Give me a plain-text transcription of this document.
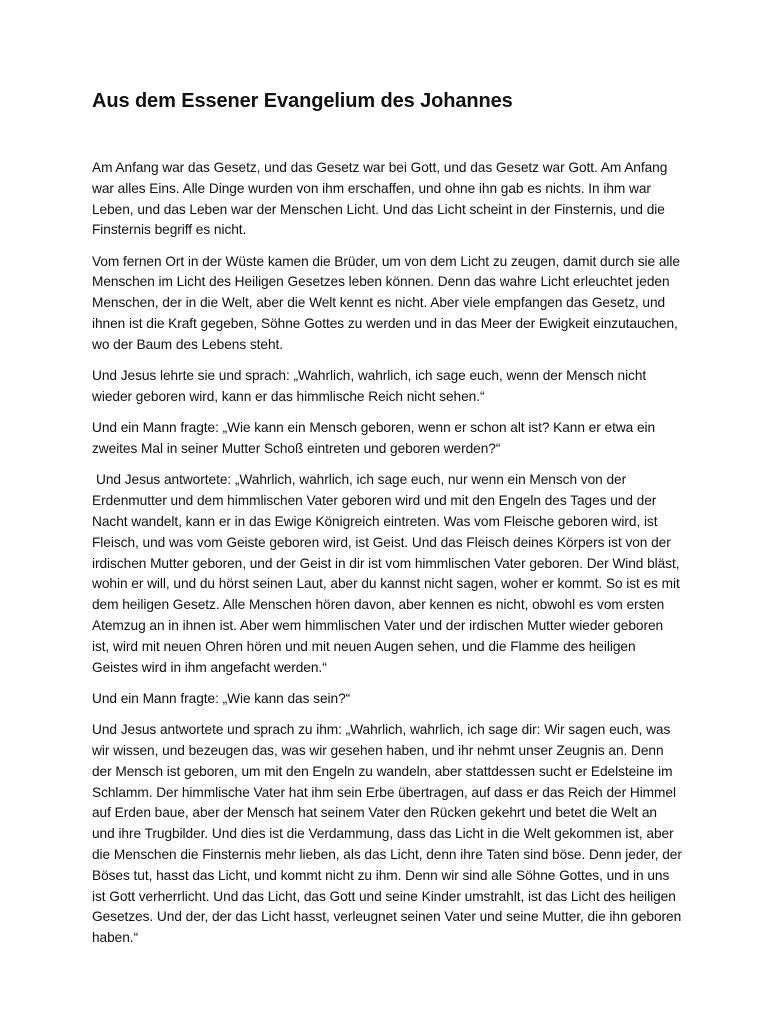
Aus dem Essener Evangelium des Johannes

Am Anfang war das Gesetz, und das Gesetz war bei Gott, und das Gesetz war Gott. Am Anfang war alles Eins. Alle Dinge wurden von ihm erschaffen, und ohne ihn gab es nichts. In ihm war Leben, und das Leben war der Menschen Licht. Und das Licht scheint in der Finsternis, und die Finsternis begriff es nicht.

Vom fernen Ort in der Wüste kamen die Brüder, um von dem Licht zu zeugen, damit durch sie alle Menschen im Licht des Heiligen Gesetzes leben können. Denn das wahre Licht erleuchtet jeden Menschen, der in die Welt, aber die Welt kennt es nicht. Aber viele empfangen das Gesetz, und ihnen ist die Kraft gegeben, Söhne Gottes zu werden und in das Meer der Ewigkeit einzutauchen, wo der Baum des Lebens steht.

Und Jesus lehrte sie und sprach: „Wahrlich, wahrlich, ich sage euch, wenn der Mensch nicht wieder geboren wird, kann er das himmlische Reich nicht sehen.“

Und ein Mann fragte: „Wie kann ein Mensch geboren, wenn er schon alt ist? Kann er etwa ein zweites Mal in seiner Mutter Schoß eintreten und geboren werden?“

Und Jesus antwortete: „Wahrlich, wahrlich, ich sage euch, nur wenn ein Mensch von der Erdenmutter und dem himmlischen Vater geboren wird und mit den Engeln des Tages und der Nacht wandelt, kann er in das Ewige Königreich eintreten. Was vom Fleische geboren wird, ist Fleisch, und was vom Geiste geboren wird, ist Geist. Und das Fleisch deines Körpers ist von der irdischen Mutter geboren, und der Geist in dir ist vom himmlischen Vater geboren. Der Wind bläst, wohin er will, und du hörst seinen Laut, aber du kannst nicht sagen, woher er kommt. So ist es mit dem heiligen Gesetz. Alle Menschen hören davon, aber kennen es nicht, obwohl es vom ersten Atemzug an in ihnen ist. Aber wem himmlischen Vater und der irdischen Mutter wieder geboren ist, wird mit neuen Ohren hören und mit neuen Augen sehen, und die Flamme des heiligen Geistes wird in ihm angefacht werden.“

Und ein Mann fragte: „Wie kann das sein?“

Und Jesus antwortete und sprach zu ihm: „Wahrlich, wahrlich, ich sage dir: Wir sagen euch, was wir wissen, und bezeugen das, was wir gesehen haben, und ihr nehmt unser Zeugnis an. Denn der Mensch ist geboren, um mit den Engeln zu wandeln, aber stattdessen sucht er Edelsteine im Schlamm. Der himmlische Vater hat ihm sein Erbe übertragen, auf dass er das Reich der Himmel auf Erden baue, aber der Mensch hat seinem Vater den Rücken gekehrt und betet die Welt an und ihre Trugbilder. Und dies ist die Verdammung, dass das Licht in die Welt gekommen ist, aber die Menschen die Finsternis mehr lieben, als das Licht, denn ihre Taten sind böse. Denn jeder, der Böses tut, hasst das Licht, und kommt nicht zu ihm. Denn wir sind alle Söhne Gottes, und in uns ist Gott verherrlicht. Und das Licht, das Gott und seine Kinder umstrahlt, ist das Licht des heiligen Gesetzes. Und der, der das Licht hasst, verleugnet seinen Vater und seine Mutter, die ihn geboren haben.“
